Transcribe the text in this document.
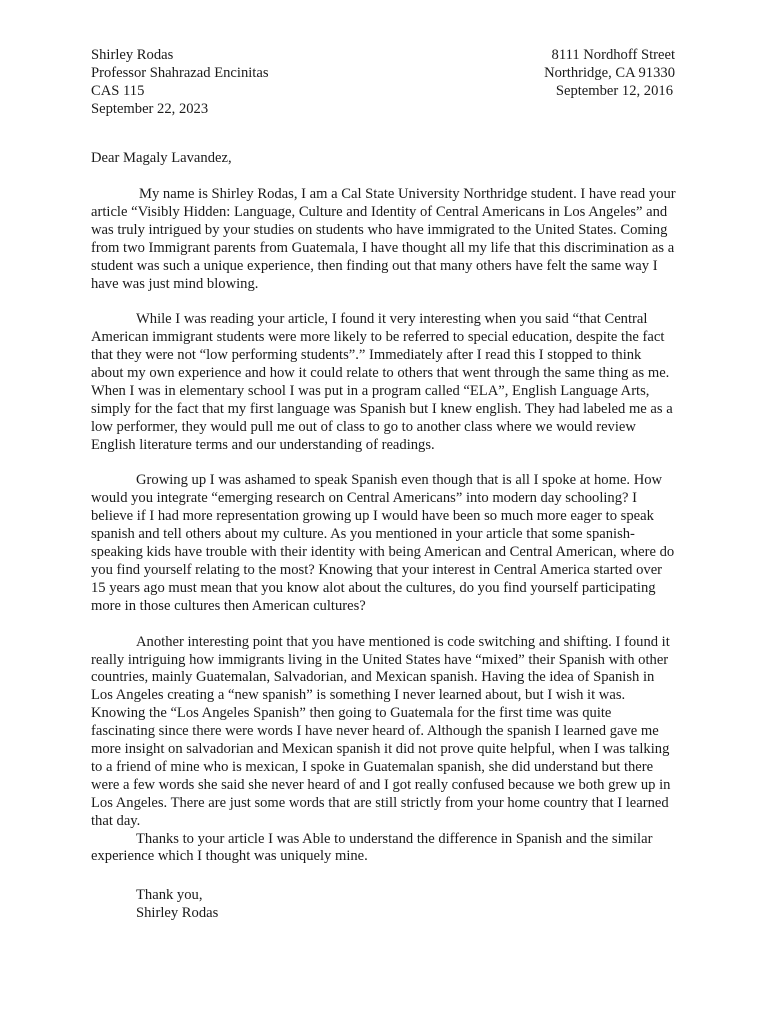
Shirley Rodas
Professor Shahrazad Encinitas
CAS 115
September 22, 2023
8111 Nordhoff Street
Northridge, CA 91330
September 12, 2016
Dear Magaly Lavandez,

My name is Shirley Rodas, I am a Cal State University Northridge student. I have read your article “Visibly Hidden: Language, Culture and Identity of Central Americans in Los Angeles” and was truly intrigued by your studies on students who have immigrated to the United States. Coming from two Immigrant parents from Guatemala, I have thought all my life that this discrimination as a student was such a unique experience, then finding out that many others have felt the same way I have was just mind blowing.

While I was reading your article, I found it very interesting when you said “that Central American immigrant students were more likely to be referred to special education, despite the fact that they were not “low performing students”.” Immediately after I read this I stopped to think about my own experience and how it could relate to others that went through the same thing as me. When I was in elementary school I was put in a program called “ELA”, English Language Arts, simply for the fact that my first language was Spanish but I knew english. They had labeled me as a low performer, they would pull me out of class to go to another class where we would review English literature terms and our understanding of readings.

Growing up I was ashamed to speak Spanish even though that is all I spoke at home. How would you integrate “emerging research on Central Americans” into modern day schooling? I believe if I had more representation growing up I would have been so much more eager to speak spanish and tell others about my culture. As you mentioned in your article that some spanish-speaking kids have trouble with their identity with being American and Central American, where do you find yourself relating to the most? Knowing that your interest in Central America started over 15 years ago must mean that you know alot about the cultures, do you find yourself participating more in those cultures then American cultures?

Another interesting point that you have mentioned is code switching and shifting. I found it really intriguing how immigrants living in the United States have “mixed” their Spanish with other countries, mainly Guatemalan, Salvadorian, and Mexican spanish. Having the idea of Spanish in Los Angeles creating a “new spanish” is something I never learned about, but I wish it was. Knowing the “Los Angeles Spanish” then going to Guatemala for the first time was quite fascinating since there were words I have never heard of. Although the spanish I learned gave me more insight on salvadorian and Mexican spanish it did not prove quite helpful, when I was talking to a friend of mine who is mexican, I spoke in Guatemalan spanish, she did understand but there were a few words she said she never heard of and I got really confused because we both grew up in Los Angeles. There are just some words that are still strictly from your home country that I learned that day.

Thanks to your article I was Able to understand the difference in Spanish and the similar experience which I thought was uniquely mine.

Thank you,
Shirley Rodas
